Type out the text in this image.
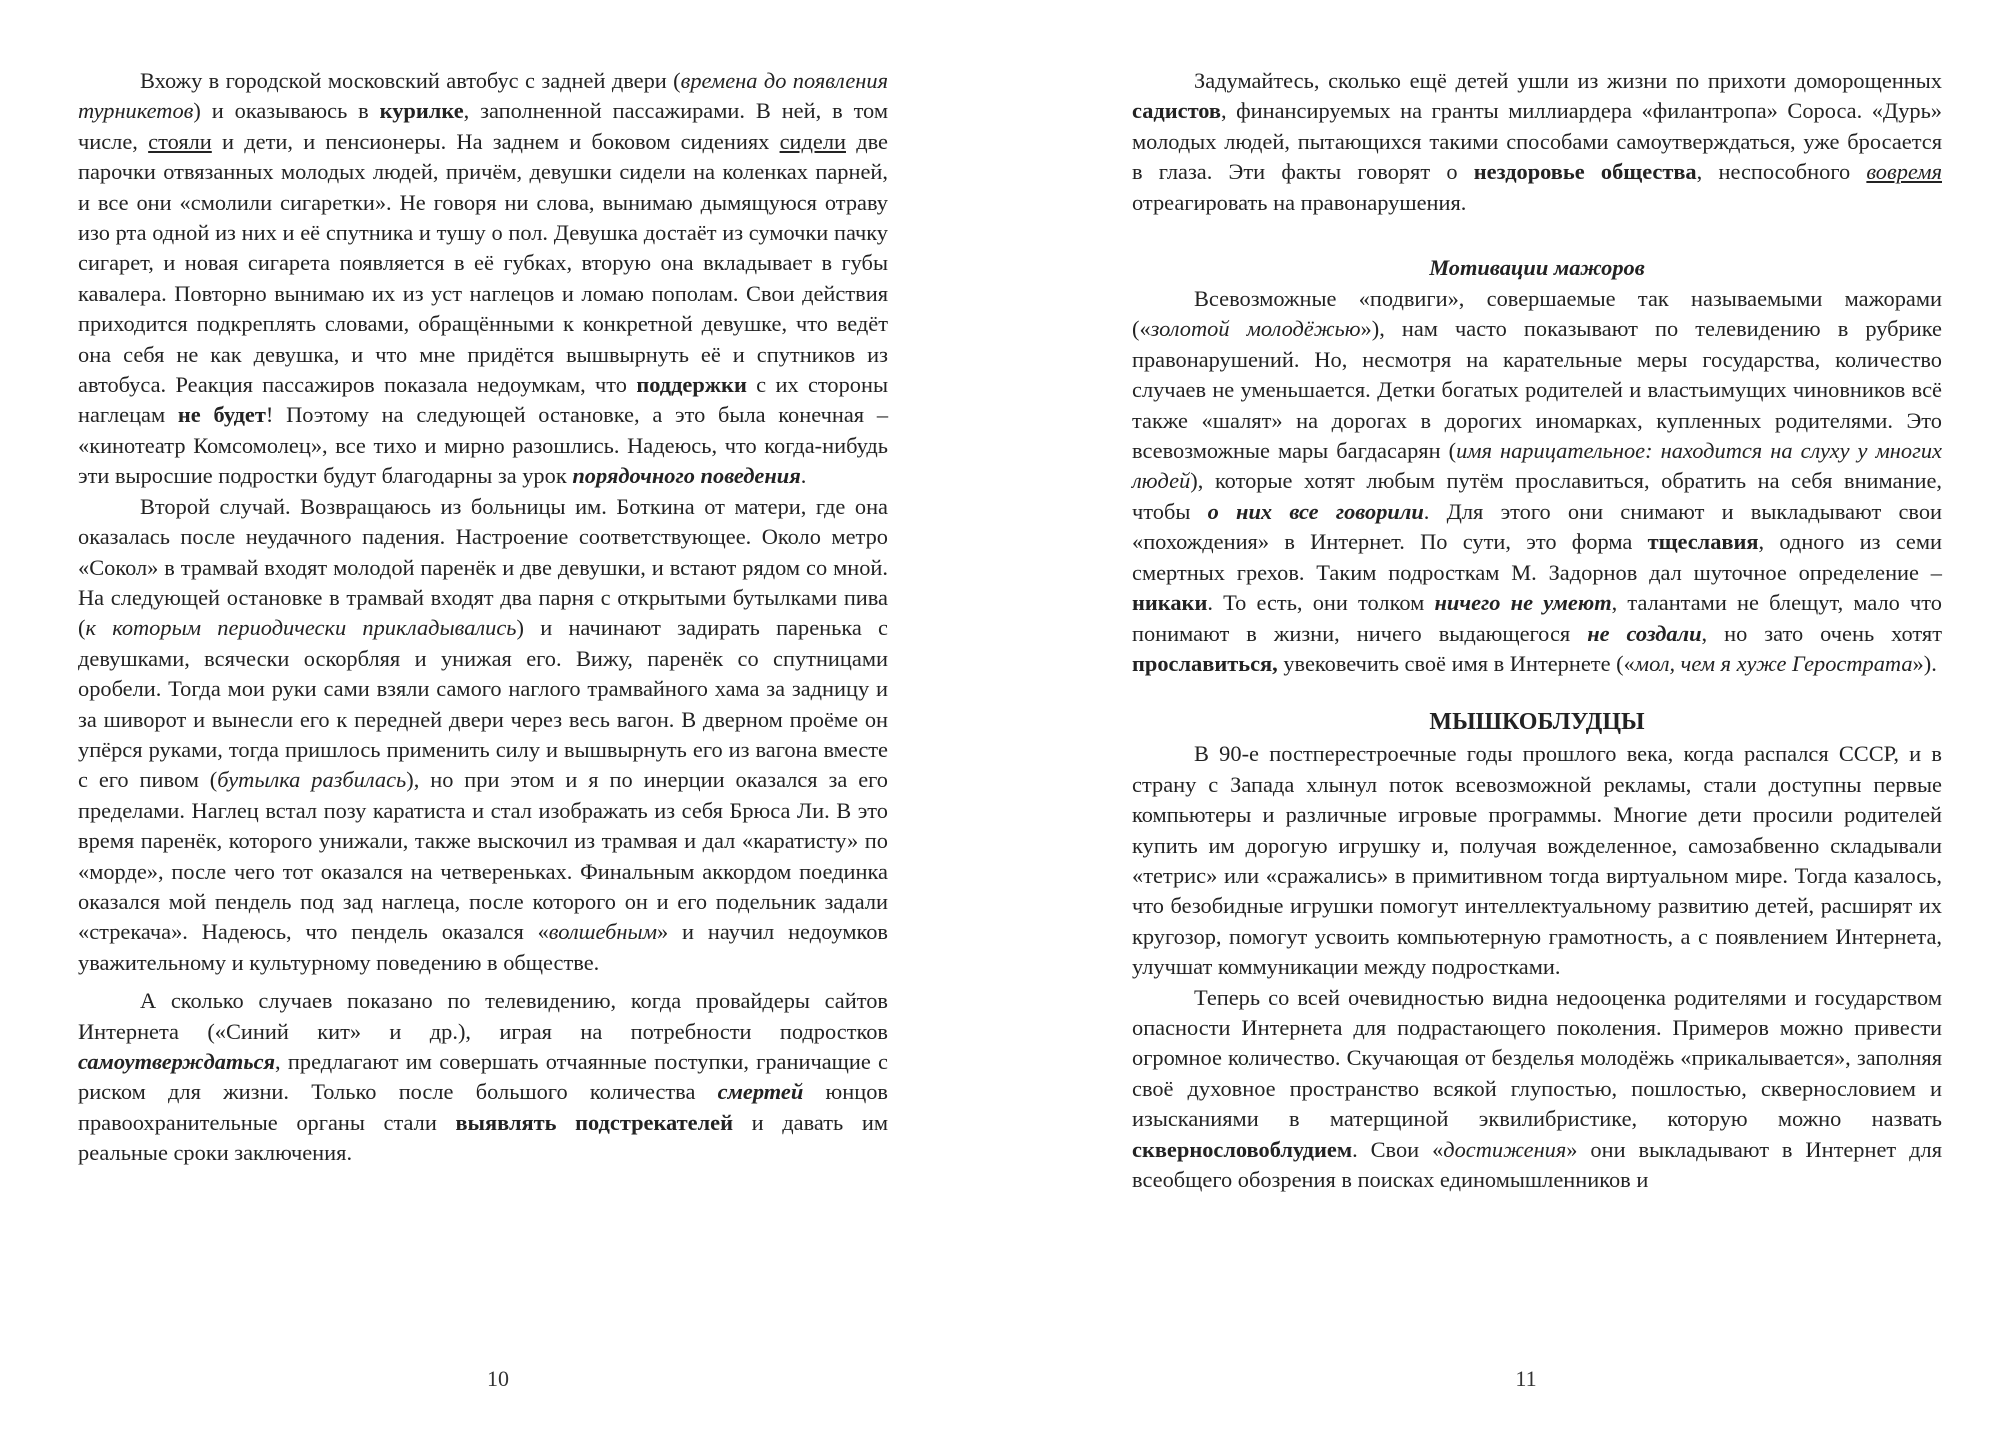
Вхожу в городской московский автобус с задней двери (времена до появления турникетов) и оказываюсь в курилке, заполненной пассажирами. В ней, в том числе, стояли и дети, и пенсионеры. На заднем и боковом сидениях сидели две парочки отвязанных молодых людей, причём, девушки сидели на коленках парней, и все они «смолили сигаретки». Не говоря ни слова, вынимаю дымящуюся отраву изо рта одной из них и её спутника и тушу о пол. Девушка достаёт из сумочки пачку сигарет, и новая сигарета появляется в её губках, вторую она вкладывает в губы кавалера. Повторно вынимаю их из уст наглецов и ломаю пополам. Свои действия приходится подкреплять словами, обращёнными к конкретной девушке, что ведёт она себя не как девушка, и что мне придётся вышвырнуть её и спутников из автобуса. Реакция пассажиров показала недоумкам, что поддержки с их стороны наглецам не будет! Поэтому на следующей остановке, а это была конечная – «кинотеатр Комсомолец», все тихо и мирно разошлись. Надеюсь, что когда-нибудь эти выросшие подростки будут благодарны за урок порядочного поведения.

Второй случай. Возвращаюсь из больницы им. Боткина от матери, где она оказалась после неудачного падения. Настроение соответствующее. Около метро «Сокол» в трамвай входят молодой паренёк и две девушки, и встают рядом со мной. На следующей остановке в трамвай входят два парня с открытыми бутылками пива (к которым периодически прикладывались) и начинают задирать паренька с девушками, всячески оскорбляя и унижая его. Вижу, паренёк со спутницами оробели. Тогда мои руки сами взяли самого наглого трамвайного хама за задницу и за шиворот и вынесли его к передней двери через весь вагон. В дверном проёме он упёрся руками, тогда пришлось применить силу и вышвырнуть его из вагона вместе с его пивом (бутылка разбилась), но при этом и я по инерции оказался за его пределами. Наглец встал позу каратиста и стал изображать из себя Брюса Ли. В это время паренёк, которого унижали, также выскочил из трамвая и дал «каратисту» по «морде», после чего тот оказался на четвереньках. Финальным аккордом поединка оказался мой пендель под зад наглеца, после которого он и его подельник задали «стрекача». Надеюсь, что пендель оказался «волшебным» и научил недоумков уважительному и культурному поведению в обществе.

А сколько случаев показано по телевидению, когда провайдеры сайтов Интернета («Синий кит» и др.), играя на потребности подростков самоутверждаться, предлагают им совершать отчаянные поступки, граничащие с риском для жизни. Только после большого количества смертей юнцов правоохранительные органы стали выявлять подстрекателей и давать им реальные сроки заключения.

10

Задумайтесь, сколько ещё детей ушли из жизни по прихоти доморощенных садистов, финансируемых на гранты миллиардера «филантропа» Сороса. «Дурь» молодых людей, пытающихся такими способами самоутверждаться, уже бросается в глаза. Эти факты говорят о нездоровье общества, неспособного вовремя отреагировать на правонарушения.

Мотивации мажоров

Всевозможные «подвиги», совершаемые так называемыми мажорами («золотой молодёжью»), нам часто показывают по телевидению в рубрике правонарушений. Но, несмотря на карательные меры государства, количество случаев не уменьшается. Детки богатых родителей и властьимущих чиновников всё также «шалят» на дорогах в дорогих иномарках, купленных родителями. Это всевозможные мары багдасарян (имя нарицательное: находится на слуху у многих людей), которые хотят любым путём прославиться, обратить на себя внимание, чтобы о них все говорили. Для этого они снимают и выкладывают свои «похождения» в Интернет. По сути, это форма тщеславия, одного из семи смертных грехов. Таким подросткам М. Задорнов дал шуточное определение – никаки. То есть, они толком ничего не умеют, талантами не блещут, мало что понимают в жизни, ничего выдающегося не создали, но зато очень хотят прославиться, увековечить своё имя в Интернете («мол, чем я хуже Герострата»).

МЫШКОБЛУДЦЫ

В 90-е постперестроечные годы прошлого века, когда распался СССР, и в страну с Запада хлынул поток всевозможной рекламы, стали доступны первые компьютеры и различные игровые программы. Многие дети просили родителей купить им дорогую игрушку и, получая вожделенное, самозабвенно складывали «тетрис» или «сражались» в примитивном тогда виртуальном мире. Тогда казалось, что безобидные игрушки помогут интеллектуальному развитию детей, расширят их кругозор, помогут усвоить компьютерную грамотность, а с появлением Интернета, улучшат коммуникации между подростками.

Теперь со всей очевидностью видна недооценка родителями и государством опасности Интернета для подрастающего поколения. Примеров можно привести огромное количество. Скучающая от безделья молодёжь «прикалывается», заполняя своё духовное пространство всякой глупостью, пошлостью, сквернословием и изысканиями в матерщиной эквилибристике, которую можно назвать сквернословоблудием. Свои «достижения» они выкладывают в Интернет для всеобщего обозрения в поисках единомышленников и

11
